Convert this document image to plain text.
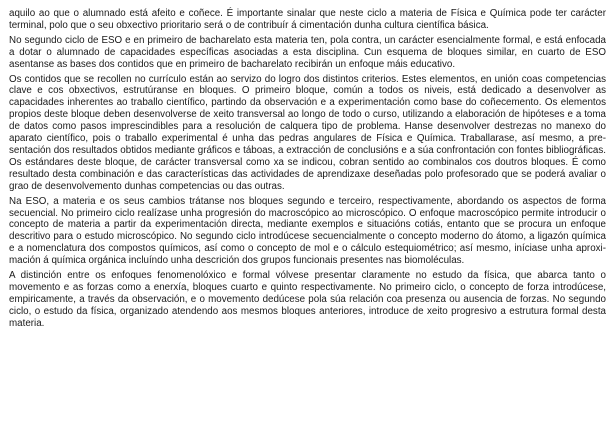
aquilo ao que o alumnado está afeito e coñece. É importante sinalar que neste ciclo a materia de Física e Química pode ter carácter terminal, polo que o seu obxectivo prioritario será o de contribuír á cimentación dunha cultura científica básica.

No segundo ciclo de ESO e en primeiro de bacharelato esta materia ten, pola contra, un carácter esencialmente formal, e está enfocada a dotar o alumnado de capacidades específicas asociadas a esta disciplina. Cun esquema de bloques similar, en cuarto de ESO asentanse as bases dos contidos que en primeiro de bacharelato recibirán un enfoque máis educativo.

Os contidos que se recollen no currículo están ao servizo do logro dos distintos criterios. Estes elementos, en unión coas competencias clave e cos obxectivos, estrutúranse en bloques. O primeiro bloque, común a todos os niveis, está dedicado a desenvolver as capacidades inherentes ao traballo científico, partindo da observación e a experimentación como base do coñecemento. Os elementos propios deste bloque deben desenvolverse de xeito transversal ao longo de todo o curso, utilizando a elaboración de hipóteses e a toma de datos como pasos imprescindibles para a resolución de calquera tipo de problema. Hanse desenvolver destrezas no manexo do aparato científico, pois o traballo experimental é unha das pedras angulares de Física e Química. Traballarase, así mesmo, a presentación dos resultados obtidos mediante gráficos e táboas, a extracción de conclusións e a súa confrontación con fontes bibliográficas. Os estándares deste bloque, de carácter transversal como xa se indicou, cobran sentido ao combinalos cos doutros bloques. É como resultado desta combinación e das características das actividades de aprendizaxe deseñadas polo profesorado que se poderá avaliar o grao de desenvolvemento dunhas competencias ou das outras.

Na ESO, a materia e os seus cambios trátanse nos bloques segundo e terceiro, respectivamente, abordando os aspectos de forma secuencial. No primeiro ciclo realízase unha progresión do macroscópico ao microscópico. O enfoque macroscópico permite introducir o concepto de materia a partir da experimentación directa, mediante exemplos e situacións cotiás, entanto que se procura un enfoque descritivo para o estudo microscópico. No segundo ciclo introdúcese secuencialmente o concepto moderno do átomo, a ligazón química e a nomenclatura dos compostos químicos, así como o concepto de mol e o cálculo estequiométrico; así mesmo, iníciase unha aproximación á química orgánica incluíndo unha descrición dos grupos funcionais presentes nas biomoléculas.

A distinción entre os enfoques fenomenolóxico e formal vólvese presentar claramente no estudo da física, que abarca tanto o movemento e as forzas como a enerxía, bloques cuarto e quinto respectivamente. No primeiro ciclo, o concepto de forza introdúcese, empiricamente, a través da observación, e o movemento dedúcese pola súa relación coa presenza ou ausencia de forzas. No segundo ciclo, o estudo da física, organizado atendendo aos mesmos bloques anteriores, introduce de xeito progresivo a estrutura formal desta materia.
